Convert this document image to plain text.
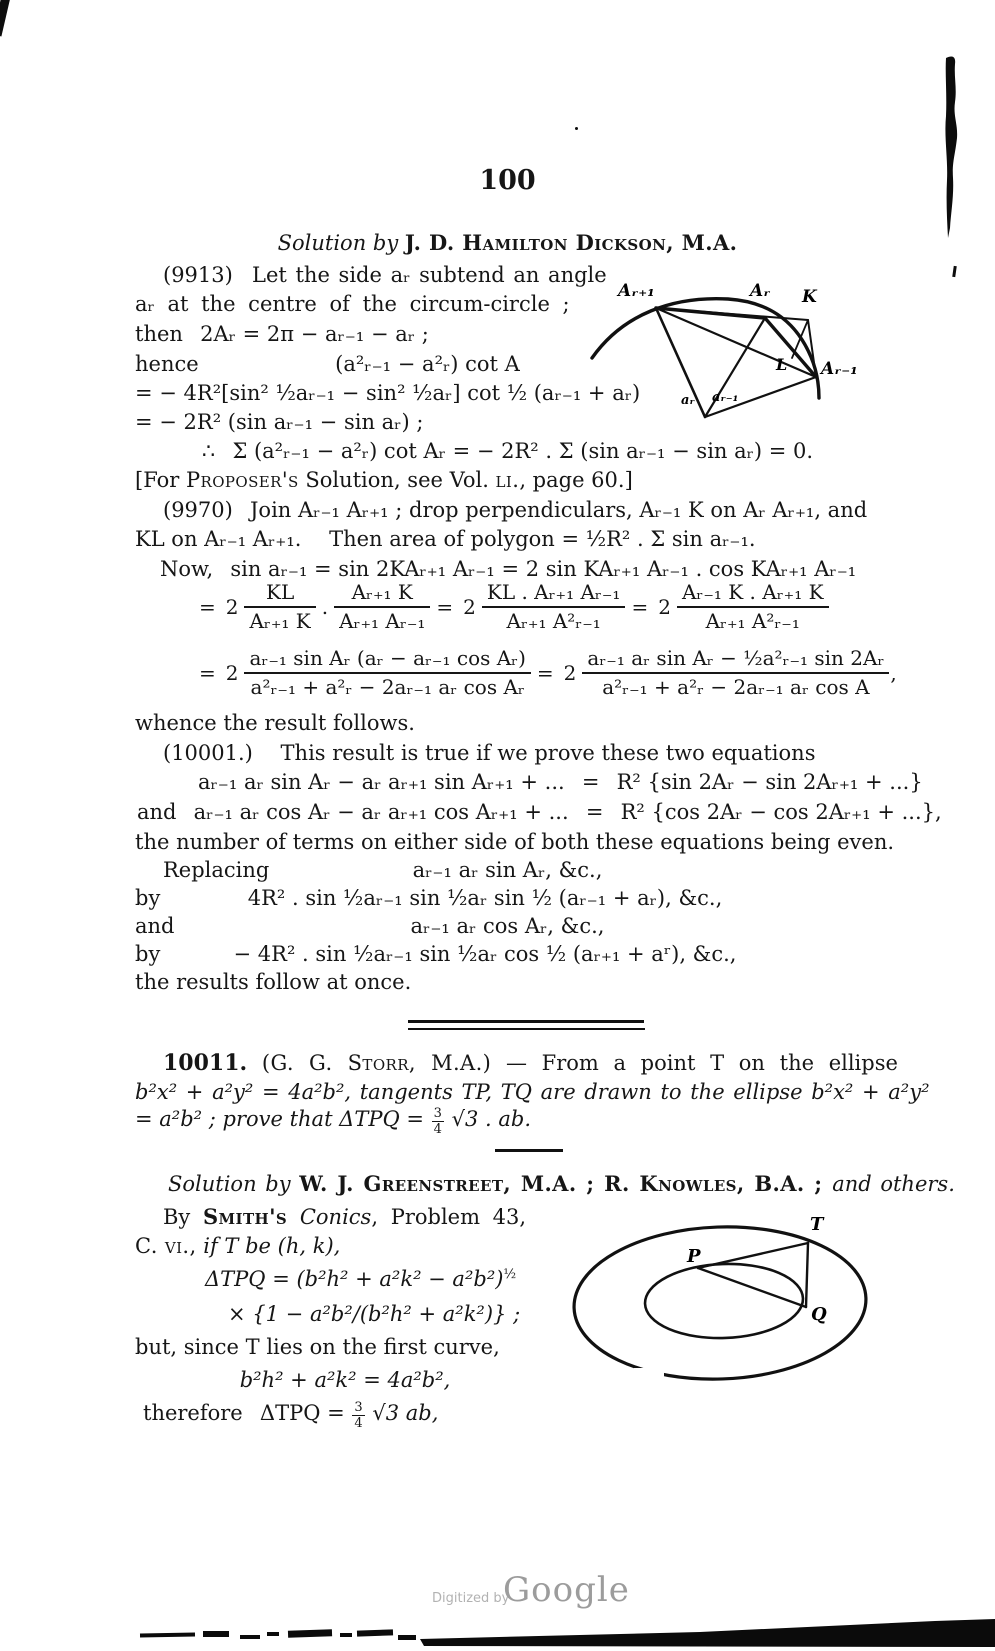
100
Solution by J. D. Hamilton Dickson, M.A.
(9913)  Let the side aᵣ subtend an angle
aᵣ at the centre of the circum-circle ;
then  2Aᵣ = 2π − aᵣ₋₁ − aᵣ ;
hence	(a²ᵣ₋₁ − a²ᵣ) cot A
= − 4R²[sin² ½aᵣ₋₁ − sin² ½aᵣ] cot ½ (aᵣ₋₁ + aᵣ)
= − 2R² (sin aᵣ₋₁ − sin aᵣ) ;
∴  Σ (a²ᵣ₋₁ − a²ᵣ) cot Aᵣ = − 2R² . Σ (sin aᵣ₋₁ − sin aᵣ) = 0.
[For Proposer's Solution, see Vol. li., page 60.]
Aᵣ₊₁	Aᵣ K
L Aᵣ₋₁
aᵣ aᵣ₋₁
(9970)  Join Aᵣ₋₁ Aᵣ₊₁ ; drop perpendiculars, Aᵣ₋₁ K on Aᵣ Aᵣ₊₁, and
KL on Aᵣ₋₁ Aᵣ₊₁.  Then area of polygon = ½R² . Σ sin aᵣ₋₁.
Now,  sin aᵣ₋₁ = sin 2KAᵣ₊₁ Aᵣ₋₁ = 2 sin KAᵣ₊₁ Aᵣ₋₁ . cos KAᵣ₊₁ Aᵣ₋₁
= $2 \frac{KL}{\text{Aᵣ₊₁ K}}$ . $\frac{\text{Aᵣ₊₁ K}}{\text{Aᵣ₊₁ Aᵣ₋₁}}$ = $2 \frac{\text{KL . Aᵣ₊₁ Aᵣ₋₁}}{\text{Aᵣ₊₁ A²ᵣ₋₁}}$ = $2 \frac{\text{Aᵣ₋₁ K . Aᵣ₊₁ K}}{\text{Aᵣ₊₁ A²ᵣ₋₁}}$
= $2 \frac{\text{aᵣ₋₁ sin Aᵣ (aᵣ − aᵣ₋₁ cos Aᵣ)}}{\text{a²ᵣ₋₁ + a²ᵣ − 2aᵣ₋₁ aᵣ cos Aᵣ}}$ = $2 \frac{\text{aᵣ₋₁ aᵣ sin Aᵣ − ½a²ᵣ₋₁ sin 2Aᵣ}}{\text{a²ᵣ₋₁ + a²ᵣ − 2aᵣ₋₁ aᵣ cos A}}$ ,
whence the result follows.
(10001.)  This result is true if we prove these two equations
aᵣ₋₁ aᵣ sin Aᵣ − aᵣ aᵣ₊₁ sin Aᵣ₊₁ + ...  =  R² {sin 2Aᵣ − sin 2Aᵣ₊₁ + ...}
and  aᵣ₋₁ aᵣ cos Aᵣ − aᵣ aᵣ₊₁ cos Aᵣ₊₁ + ...  =  R² {cos 2Aᵣ − cos 2Aᵣ₊₁ + ...},
the number of terms on either side of both these equations being even.
Replacing	aᵣ₋₁ aᵣ sin Aᵣ, &c.,
by	4R² . sin ½aᵣ₋₁ sin ½aᵣ sin ½ (aᵣ₋₁ + aᵣ), &c.,
and	aᵣ₋₁ aᵣ cos Aᵣ, &c.,
by	− 4R² . sin ½aᵣ₋₁ sin ½aᵣ cos ½ (aᵣ₊₁ + aʳ), &c.,
the results follow at once.
10011. (G. G. Storr, M.A.) — From a point T on the ellipse
b²x² + a²y² = 4a²b², tangents TP, TQ are drawn to the ellipse b²x² + a²y²
= a²b² ; prove that $\Delta TPQ = \frac{3}{4} √3$ . ab.
Solution by W. J. Greenstreet, M.A. ; R. Knowles, B.A. ; and others.
By Smith's Conics, Problem 43,
C. vi., if T be (h, k),
$\Delta TPQ = (b^2h^2 + a^2k^2 - a^2b^2)^{\frac{1}{2}}$
× {1 − a²b²/(b²h² + a²k²)} ;
but, since T lies on the first curve,
b²h² + a²k² = 4a²b²,
therefore  $\Delta TPQ = \frac{3}{4} √3$ ab,
T
P
Q
Digitized by
Google
